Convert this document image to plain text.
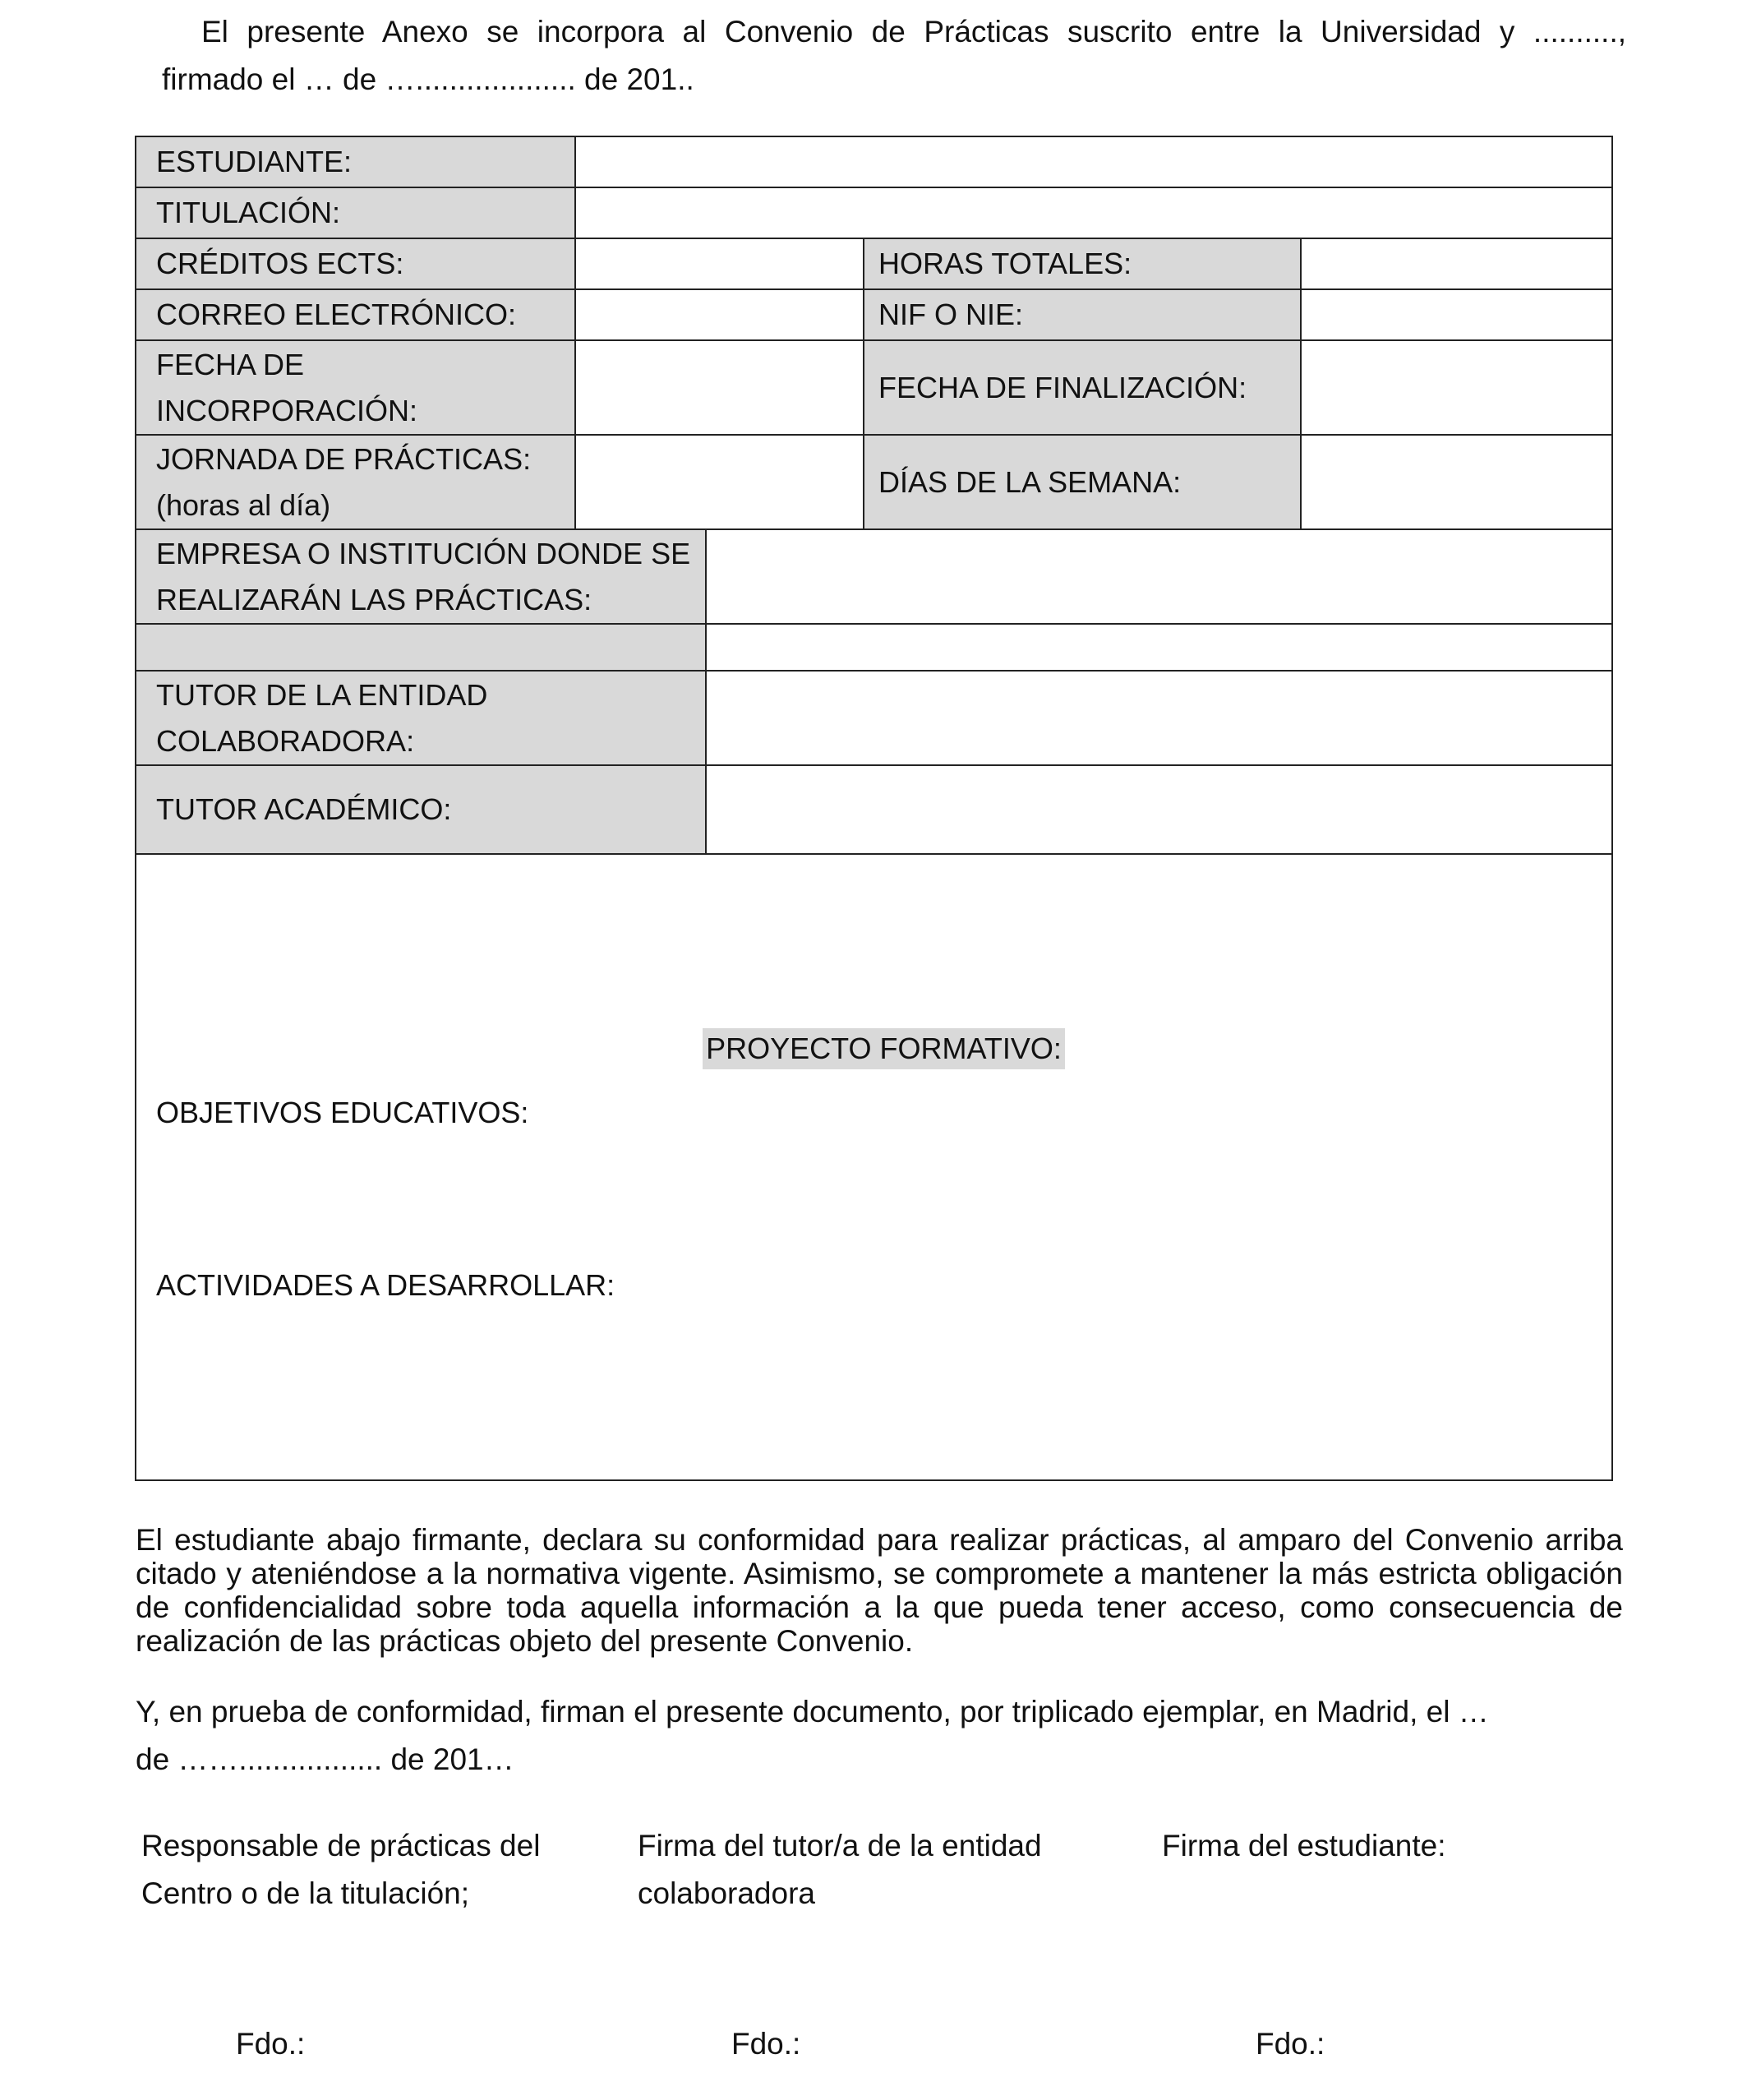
El presente Anexo se incorpora al Convenio de Prácticas suscrito entre la Universidad y ..........,
firmado el … de …................... de 201..

ESTUDIANTE:				
TITULACIÓN:				
CRÉDITOS ECTS:			HORAS TOTALES:	
CORREO ELECTRÓNICO:			NIF O NIE:	
FECHA DE
INCORPORACIÓN:			FECHA DE FINALIZACIÓN:	
JORNADA DE PRÁCTICAS:
(horas al día)			DÍAS DE LA SEMANA:	
EMPRESA O INSTITUCIÓN DONDE SE
REALIZARÁN LAS PRÁCTICAS:				

TUTOR DE LA ENTIDAD
COLABORADORA:				
TUTOR ACADÉMICO:				

PROYECTO FORMATIVO:
OBJETIVOS EDUCATIVOS:
ACTIVIDADES A DESARROLLAR:				

El estudiante abajo firmante, declara su conformidad para realizar prácticas, al amparo del Convenio arriba citado y ateniéndose a la normativa vigente. Asimismo, se compromete a mantener la más estricta obligación de confidencialidad sobre toda aquella información a la que pueda tener acceso, como consecuencia de realización de las prácticas objeto del presente Convenio.

Y, en prueba de conformidad, firman el presente documento, por triplicado ejemplar, en Madrid, el …
de ……................. de 201…

Responsable de prácticas del
Centro o de la titulación;

Firma del tutor/a de la entidad
colaboradora

Firma del estudiante:

Fdo.:	Fdo.:	Fdo.:
